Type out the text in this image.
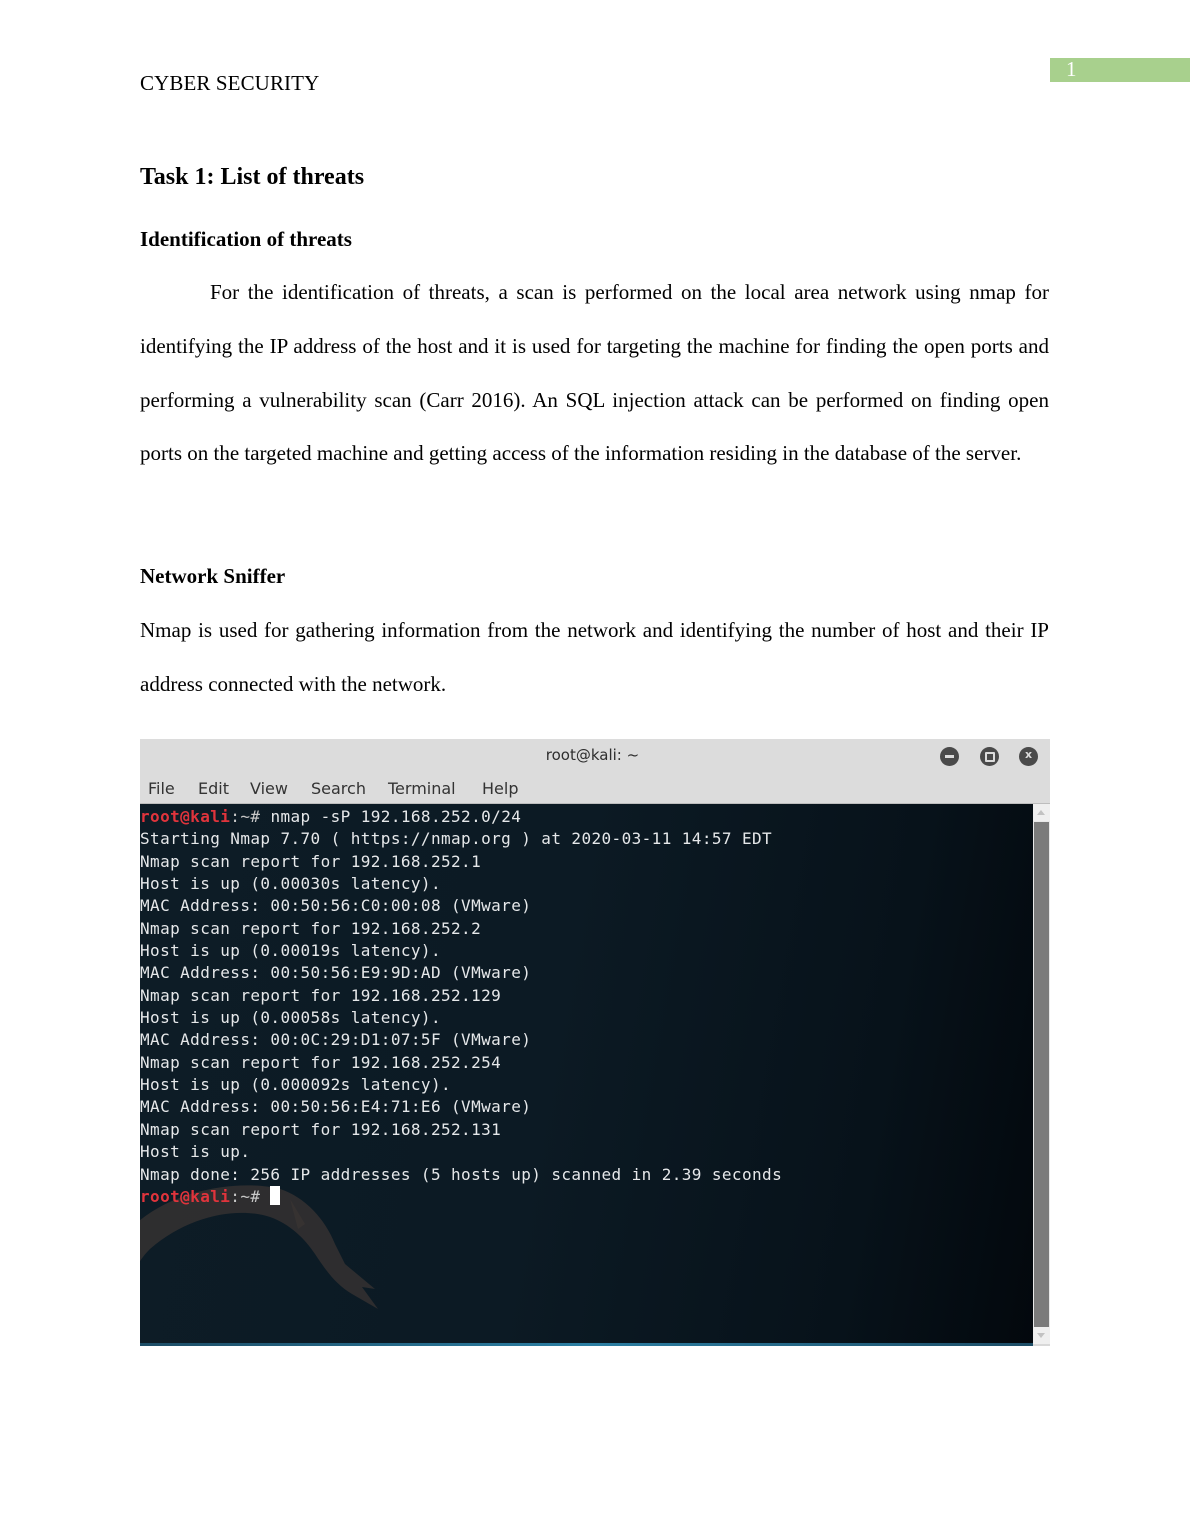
1
CYBER SECURITY
Task 1: List of threats
Identification of threats

For the identification of threats, a scan is performed on the local area network using nmap for identifying the IP address of the host and it is used for targeting the machine for finding the open ports and performing a vulnerability scan (Carr 2016). An SQL injection attack can be performed on finding open ports on the targeted machine and getting access of the information residing in the database of the server.

Network Sniffer

Nmap is used for gathering information from the network and identifying the number of host and their IP address connected with the network.

root@kali: ~	x
File Edit View Search Terminal Help
root@kali:~# nmap -sP 192.168.252.0/24
Starting Nmap 7.70 ( https://nmap.org ) at 2020-03-11 14:57 EDT
Nmap scan report for 192.168.252.1
Host is up (0.00030s latency).
MAC Address: 00:50:56:C0:00:08 (VMware)
Nmap scan report for 192.168.252.2
Host is up (0.00019s latency).
MAC Address: 00:50:56:E9:9D:AD (VMware)
Nmap scan report for 192.168.252.129
Host is up (0.00058s latency).
MAC Address: 00:0C:29:D1:07:5F (VMware)
Nmap scan report for 192.168.252.254
Host is up (0.000092s latency).
MAC Address: 00:50:56:E4:71:E6 (VMware)
Nmap scan report for 192.168.252.131
Host is up.
Nmap done: 256 IP addresses (5 hosts up) scanned in 2.39 seconds
root@kali:~#
